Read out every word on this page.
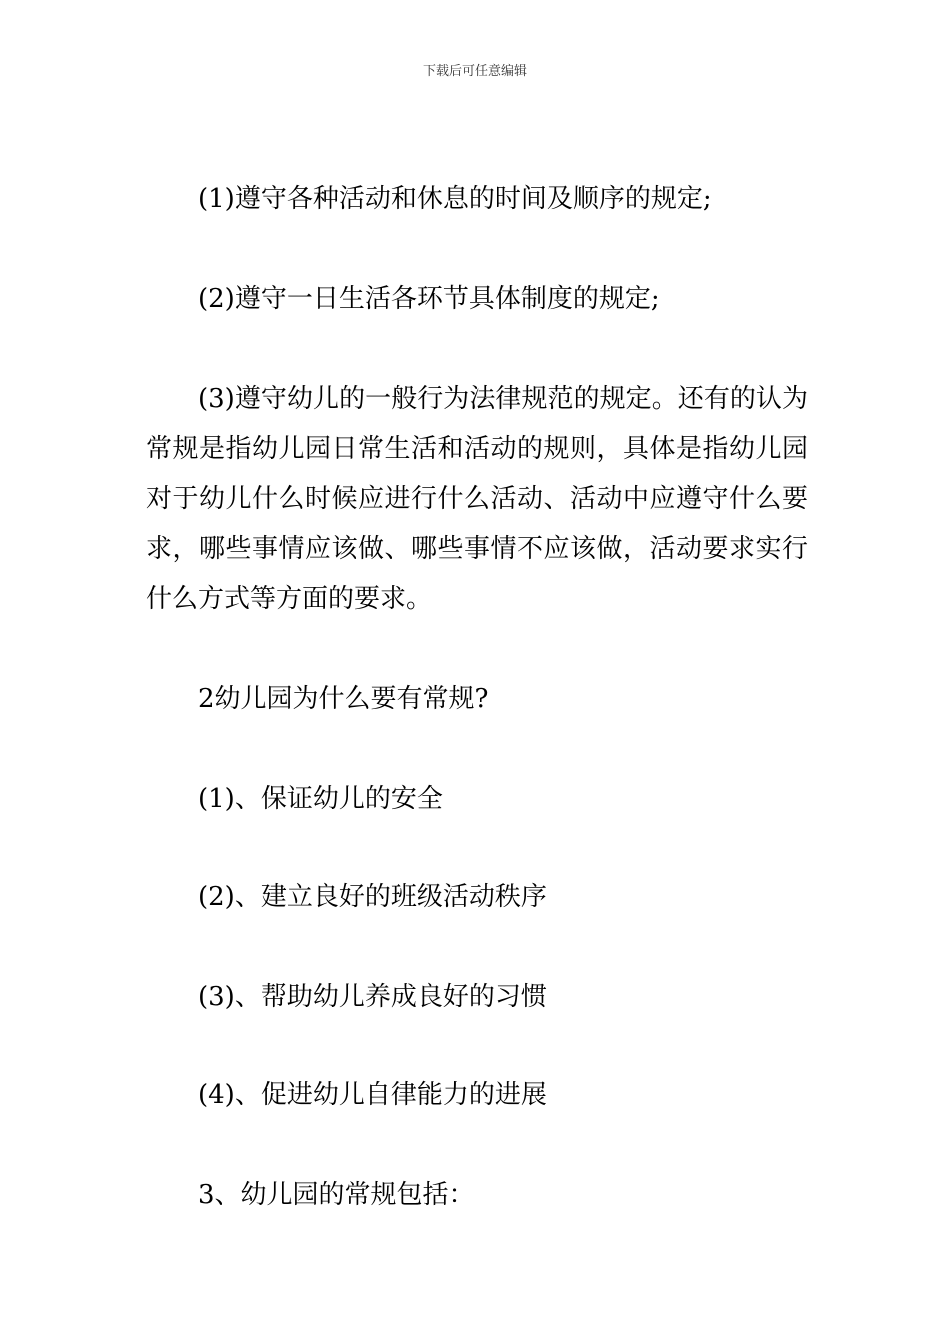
下载后可任意编辑

(1)遵守各种活动和休息的时间及顺序的规定;

(2)遵守一日生活各环节具体制度的规定;

(3)遵守幼儿的一般行为法律规范的规定。还有的认为常规是指幼儿园日常生活和活动的规则，具体是指幼儿园对于幼儿什么时候应进行什么活动、活动中应遵守什么要求，哪些事情应该做、哪些事情不应该做，活动要求实行什么方式等方面的要求。

2幼儿园为什么要有常规?

(1)、保证幼儿的安全

(2)、建立良好的班级活动秩序

(3)、帮助幼儿养成良好的习惯

(4)、促进幼儿自律能力的进展

3、幼儿园的常规包括：
